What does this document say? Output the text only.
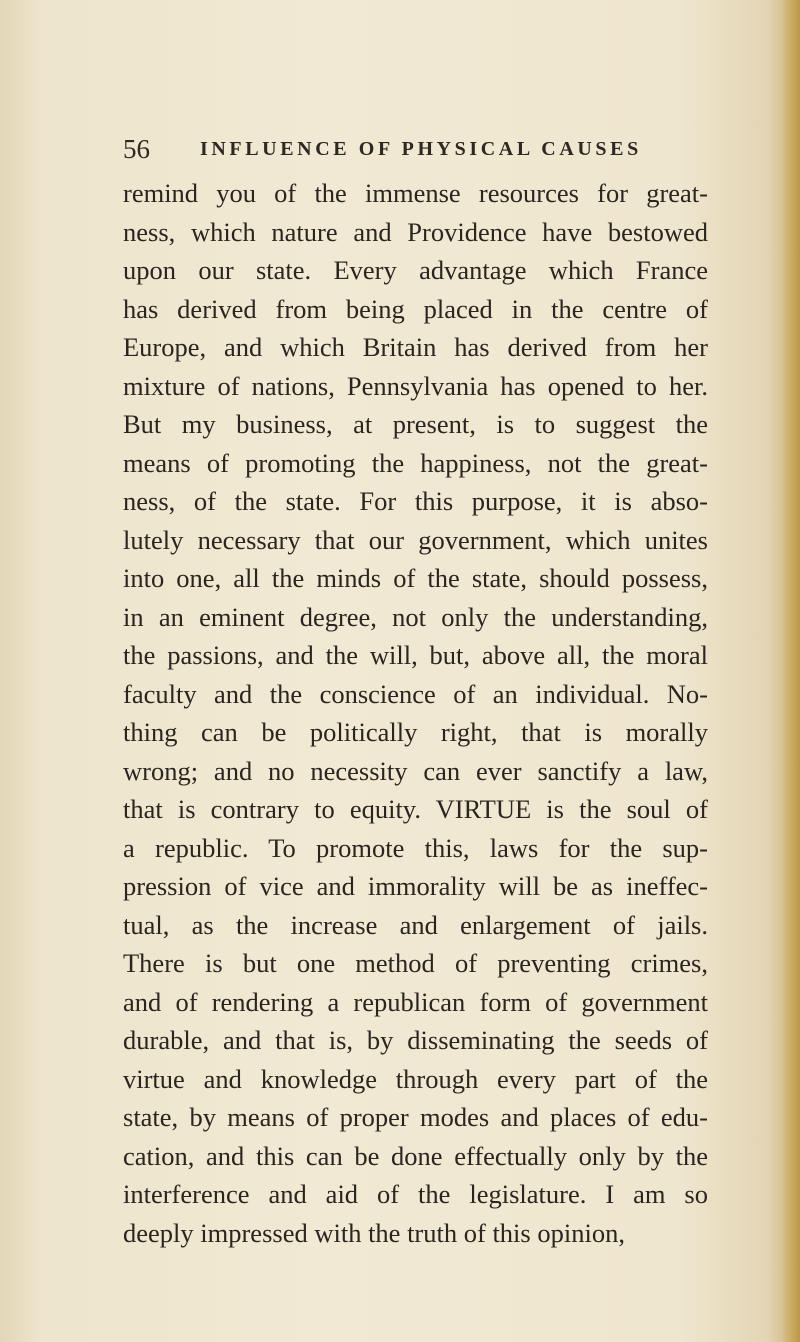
56	INFLUENCE OF PHYSICAL CAUSES
remind you of the immense resources for great-
ness, which nature and Providence have bestowed
upon our state. Every advantage which France
has derived from being placed in the centre of
Europe, and which Britain has derived from her
mixture of nations, Pennsylvania has opened to her.
But my business, at present, is to suggest the
means of promoting the happiness, not the great-
ness, of the state. For this purpose, it is abso-
lutely necessary that our government, which unites
into one, all the minds of the state, should possess,
in an eminent degree, not only the understanding,
the passions, and the will, but, above all, the moral
faculty and the conscience of an individual. No-
thing can be politically right, that is morally
wrong; and no necessity can ever sanctify a law,
that is contrary to equity. VIRTUE is the soul of
a republic. To promote this, laws for the sup-
pression of vice and immorality will be as ineffec-
tual, as the increase and enlargement of jails.
There is but one method of preventing crimes,
and of rendering a republican form of government
durable, and that is, by disseminating the seeds of
virtue and knowledge through every part of the
state, by means of proper modes and places of edu-
cation, and this can be done effectually only by the
interference and aid of the legislature. I am so
deeply impressed with the truth of this opinion,
